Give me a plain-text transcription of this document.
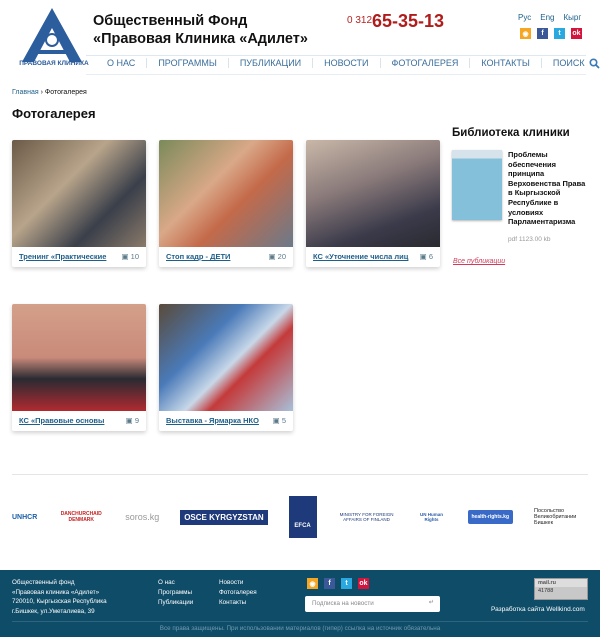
ПРАВОВАЯ КЛИНИКА
Общественный Фонд
«Правовая Клиника «Адилет»
0 312 65-35-13	Рус Eng Кырг
◉	f	t	ok
О НАС	ПРОГРАММЫ	ПУБЛИКАЦИИ	НОВОСТИ	ФОТОГАЛЕРЕЯ	КОНТАКТЫ	ПОИСК
Главная › Фотогалерея
Фотогалерея
Тренинг «Практические	▣ 10	Стоп кадр - ДЕТИ	▣ 20	КС «Уточнение числа лиц ▣ 6
КС «Правовые основы	▣ 9	Выставка - Ярмарка НКО	▣ 5
Библиотека клиники
Проблемы обеспечения принципа Верховенства Права в Кыргызской Республике в условиях Парламентаризма
pdf 1123.00 kb
Все публикации
UNHCR	DANCHURCHAID DENMARK	soros.kg	OSCE KYRGYZSTAN
EFCA
MINISTRY FOR FOREIGN AFFAIRS OF FINLAND
UN Human Rights	health-rights.kg
Посольство Великобритании Бишкек
Общественный фонд
«Правовая клиника «Адилет»
720010, Кыргызская Республика
г.Бишкек, ул.Уметалиева, 39
О нас
Программы
Публикации
Новости
Фотогалерея
Контакты
◉	f	t	ok
Подписка на новости	↵
mail.ru
41788
Разработка сайта Wellkind.com
Все права защищены. При использовании материалов (гипер) ссылка на источник обязательна
